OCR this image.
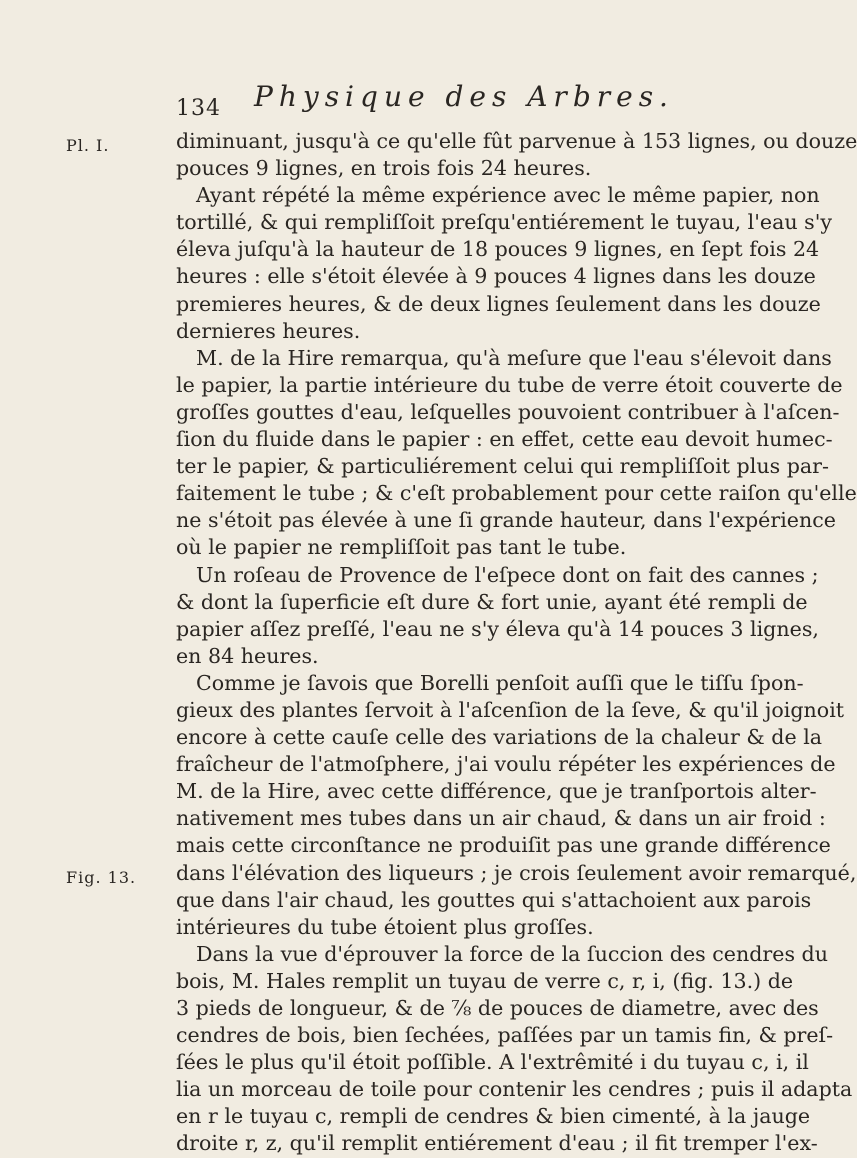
134 Physique des Arbres.
Pl. I.
Fig. 13.
diminuant, jusqu'à ce qu'elle fût parvenue à 153 lignes, ou douze
pouces 9 lignes, en trois fois 24 heures.
Ayant répété la même expérience avec le même papier, non
tortillé, & qui rempliſſoit preſqu'entiérement le tuyau, l'eau s'y
éleva juſqu'à la hauteur de 18 pouces 9 lignes, en ſept fois 24
heures : elle s'étoit élevée à 9 pouces 4 lignes dans les douze
premieres heures, & de deux lignes ſeulement dans les douze
dernieres heures.
M. de la Hire remarqua, qu'à meſure que l'eau s'élevoit dans
le papier, la partie intérieure du tube de verre étoit couverte de
groſſes gouttes d'eau, leſquelles pouvoient contribuer à l'aſcen-
ſion du fluide dans le papier : en effet, cette eau devoit humec-
ter le papier, & particuliérement celui qui rempliſſoit plus par-
faitement le tube ; & c'eſt probablement pour cette raiſon qu'elle
ne s'étoit pas élevée à une ſi grande hauteur, dans l'expérience
où le papier ne rempliſſoit pas tant le tube.
Un roſeau de Provence de l'eſpece dont on fait des cannes ;
& dont la ſuperficie eſt dure & fort unie, ayant été rempli de
papier aſſez preſſé, l'eau ne s'y éleva qu'à 14 pouces 3 lignes,
en 84 heures.
Comme je ſavois que Borelli penſoit auſſi que le tiſſu ſpon-
gieux des plantes ſervoit à l'aſcenſion de la ſeve, & qu'il joignoit
encore à cette cauſe celle des variations de la chaleur & de la
fraîcheur de l'atmoſphere, j'ai voulu répéter les expériences de
M. de la Hire, avec cette différence, que je tranſportois alter-
nativement mes tubes dans un air chaud, & dans un air froid :
mais cette circonſtance ne produiſit pas une grande différence
dans l'élévation des liqueurs ; je crois ſeulement avoir remarqué,
que dans l'air chaud, les gouttes qui s'attachoient aux parois
intérieures du tube étoient plus groſſes.
Dans la vue d'éprouver la force de la ſuccion des cendres du
bois, M. Hales remplit un tuyau de verre c, r, i, (fig. 13.) de
3 pieds de longueur, & de ⅞ de pouces de diametre, avec des
cendres de bois, bien ſechées, paſſées par un tamis fin, & preſ-
ſées le plus qu'il étoit poſſible. A l'extrêmité i du tuyau c, i, il
lia un morceau de toile pour contenir les cendres ; puis il adapta
en r le tuyau c, rempli de cendres & bien cimenté, à la jauge
droite r, z, qu'il remplit entiérement d'eau ; il fit tremper l'ex-
